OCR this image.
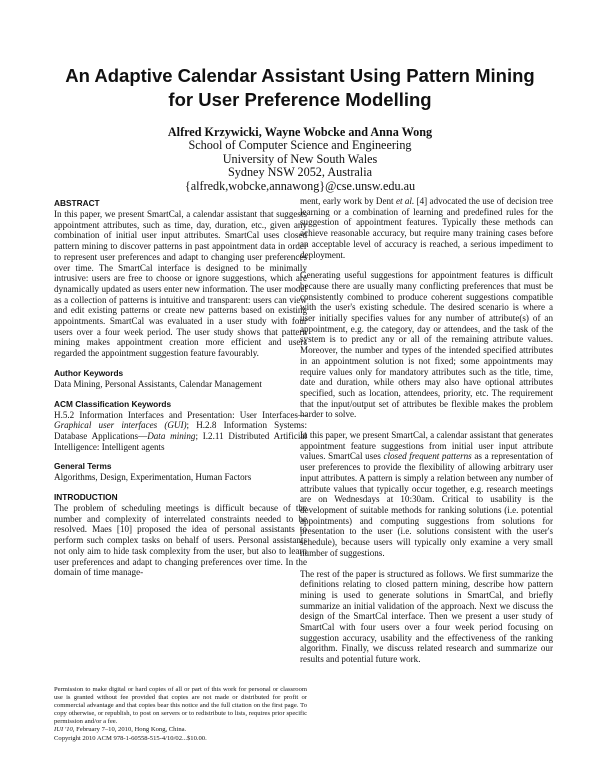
An Adaptive Calendar Assistant Using Pattern Mining
for User Preference Modelling
Alfred Krzywicki, Wayne Wobcke and Anna Wong
School of Computer Science and Engineering
University of New South Wales
Sydney NSW 2052, Australia
{alfredk,wobcke,annawong}@cse.unsw.edu.au
ABSTRACT

In this paper, we present SmartCal, a calendar assistant that suggests appointment attributes, such as time, day, duration, etc., given any combination of initial user input attributes. SmartCal uses closed pattern mining to discover patterns in past appointment data in order to represent user preferences and adapt to changing user preferences over time. The SmartCal interface is designed to be minimally intrusive: users are free to choose or ignore suggestions, which are dynamically updated as users enter new information. The user model as a collection of patterns is intuitive and transparent: users can view and edit existing patterns or create new patterns based on existing appointments. SmartCal was evaluated in a user study with four users over a four week period. The user study shows that pattern mining makes appointment creation more efficient and users regarded the appointment suggestion feature favourably.

Author Keywords

Data Mining, Personal Assistants, Calendar Management

ACM Classification Keywords

H.5.2 Information Interfaces and Presentation: User Interfaces—Graphical user interfaces (GUI); H.2.8 Information Systems: Database Applications—Data mining; I.2.11 Distributed Artificial Intelligence: Intelligent agents

General Terms

Algorithms, Design, Experimentation, Human Factors

INTRODUCTION

The problem of scheduling meetings is difficult because of the number and complexity of interrelated constraints needed to be resolved. Maes [10] proposed the idea of personal assistants to perform such complex tasks on behalf of users. Personal assistants not only aim to hide task complexity from the user, but also to learn user preferences and adapt to changing preferences over time. In the domain of time manage-

Permission to make digital or hard copies of all or part of this work for personal or classroom use is granted without fee provided that copies are not made or distributed for profit or commercial advantage and that copies bear this notice and the full citation on the first page. To copy otherwise, or republish, to post on servers or to redistribute to lists, requires prior specific permission and/or a fee.
IUI '10, February 7–10, 2010, Hong Kong, China.
Copyright 2010 ACM 978-1-60558-515-4/10/02...$10.00.

ment, early work by Dent et al. [4] advocated the use of decision tree learning or a combination of learning and predefined rules for the suggestion of appointment features. Typically these methods can achieve reasonable accuracy, but require many training cases before an acceptable level of accuracy is reached, a serious impediment to deployment.

Generating useful suggestions for appointment features is difficult because there are usually many conflicting preferences that must be consistently combined to produce coherent suggestions compatible with the user's existing schedule. The desired scenario is where a user initially specifies values for any number of attribute(s) of an appointment, e.g. the category, day or attendees, and the task of the system is to predict any or all of the remaining attribute values. Moreover, the number and types of the intended specified attributes in an appointment solution is not fixed; some appointments may require values only for mandatory attributes such as the title, time, date and duration, while others may also have optional attributes specified, such as location, attendees, priority, etc. The requirement that the input/output set of attributes be flexible makes the problem harder to solve.

In this paper, we present SmartCal, a calendar assistant that generates appointment feature suggestions from initial user input attribute values. SmartCal uses closed frequent patterns as a representation of user preferences to provide the flexibility of allowing arbitrary user input attributes. A pattern is simply a relation between any number of attribute values that typically occur together, e.g. research meetings are on Wednesdays at 10:30am. Critical to usability is the development of suitable methods for ranking solutions (i.e. potential appointments) and computing suggestions from solutions for presentation to the user (i.e. solutions consistent with the user's schedule), because users will typically only examine a very small number of suggestions.

The rest of the paper is structured as follows. We first summarize the definitions relating to closed pattern mining, describe how pattern mining is used to generate solutions in SmartCal, and briefly summarize an initial validation of the approach. Next we discuss the design of the SmartCal interface. Then we present a user study of SmartCal with four users over a four week period focusing on suggestion accuracy, usability and the effectiveness of the ranking algorithm. Finally, we discuss related research and summarize our results and potential future work.
